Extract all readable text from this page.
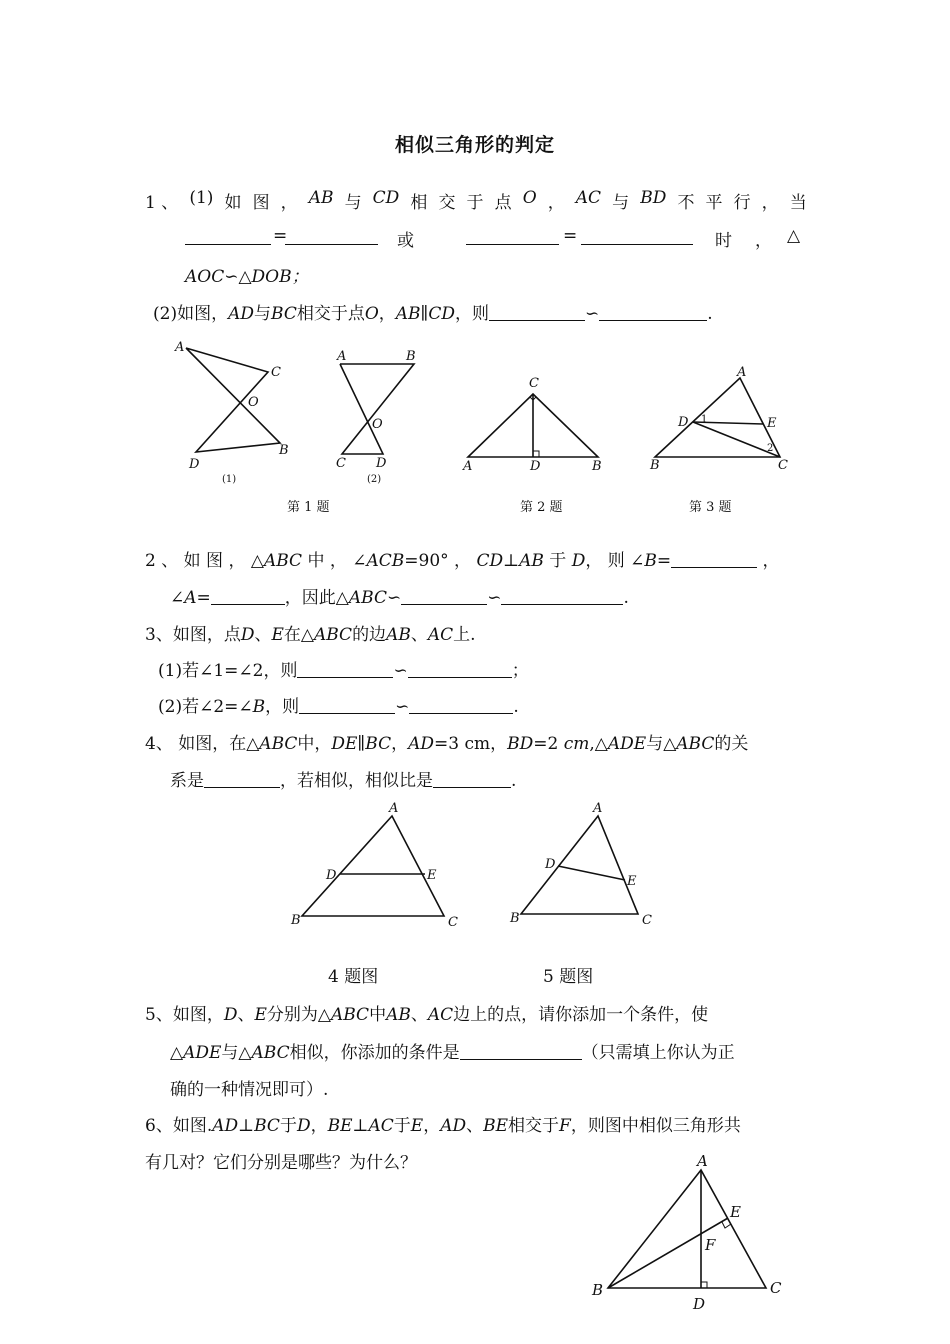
相似三角形的判定
1 、 (1) 如 图 ， AB 与 CD 相 交 于 点 O ， AC 与 BD 不 平 行 ， 当
=	或	=	时 ， △
AOC∽△DOB；
(2)如图，AD与BC相交于点O，AB∥CD，则	∽	.
A
C
O
D
B
(1)
A	B
O
C D
(2)
C
A	D	B
A
D 1	E
2
B	C
第 1 题	第 2 题	第 3 题
2 、 如 图 ， △ABC 中 ， ∠ACB=90° ， CD⊥AB 于 D， 则 ∠B=	，
∠A=	，因此△ABC∽	∽	.
3、如图，点D、E在△ABC的边AB、AC上.
(1)若∠1=∠2，则	∽	；
(2)若∠2=∠B，则	∽	.
4、 如图，在△ABC中，DE∥BC，AD=3 cm，BD=2 cm,△ADE与△ABC的关
系是	，若相似，相似比是	.
A
D	E
B	C
A
D
E
B	C
4 题图	5 题图
5、如图，D、E分别为△ABC中AB、AC边上的点，请你添加一个条件，使
△ADE与△ABC相似，你添加的条件是	（只需填上你认为正
确的一种情况即可）.
6、如图.AD⊥BC于D，BE⊥AC于E，AD、BE相交于F，则图中相似三角形共
有几对？它们分别是哪些？为什么？	A
E
F
B	C
D
